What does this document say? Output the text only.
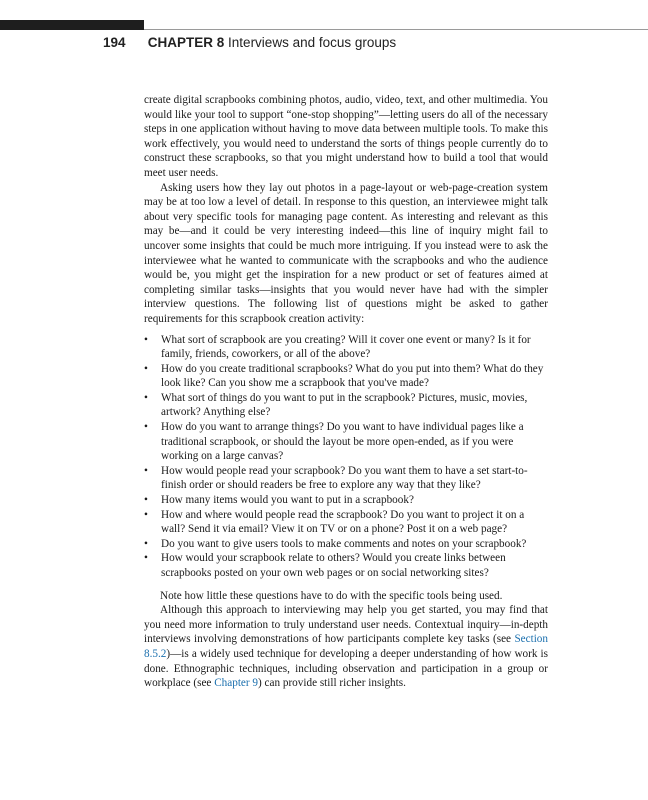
194 CHAPTER 8 Interviews and focus groups

create digital scrapbooks combining photos, audio, video, text, and other multimedia. You would like your tool to support “one-stop shopping”—letting users do all of the necessary steps in one application without having to move data between multiple tools. To make this work effectively, you would need to understand the sorts of things people currently do to construct these scrapbooks, so that you might understand how to build a tool that would meet user needs.

Asking users how they lay out photos in a page-layout or web-page-creation system may be at too low a level of detail. In response to this question, an interviewee might talk about very specific tools for managing page content. As interesting and relevant as this may be—and it could be very interesting indeed—this line of inquiry might fail to uncover some insights that could be much more intriguing. If you instead were to ask the interviewee what he wanted to communicate with the scrapbooks and who the audience would be, you might get the inspiration for a new product or set of features aimed at completing similar tasks—insights that you would never have had with the simpler interview questions. The following list of questions might be asked to gather requirements for this scrapbook creation activity:

• What sort of scrapbook are you creating? Will it cover one event or many? Is it for family, friends, coworkers, or all of the above?
• How do you create traditional scrapbooks? What do you put into them? What do they look like? Can you show me a scrapbook that you've made?
• What sort of things do you want to put in the scrapbook? Pictures, music, movies, artwork? Anything else?
• How do you want to arrange things? Do you want to have individual pages like a traditional scrapbook, or should the layout be more open-ended, as if you were working on a large canvas?
• How would people read your scrapbook? Do you want them to have a set start-to-finish order or should readers be free to explore any way that they like?
• How many items would you want to put in a scrapbook?
• How and where would people read the scrapbook? Do you want to project it on a wall? Send it via email? View it on TV or on a phone? Post it on a web page?
• Do you want to give users tools to make comments and notes on your scrapbook?
• How would your scrapbook relate to others? Would you create links between scrapbooks posted on your own web pages or on social networking sites?

Note how little these questions have to do with the specific tools being used.

Although this approach to interviewing may help you get started, you may find that you need more information to truly understand user needs. Contextual inquiry—in-depth interviews involving demonstrations of how participants complete key tasks (see Section 8.5.2)—is a widely used technique for developing a deeper understanding of how work is done. Ethnographic techniques, including observation and participation in a group or workplace (see Chapter 9) can provide still richer insights.
